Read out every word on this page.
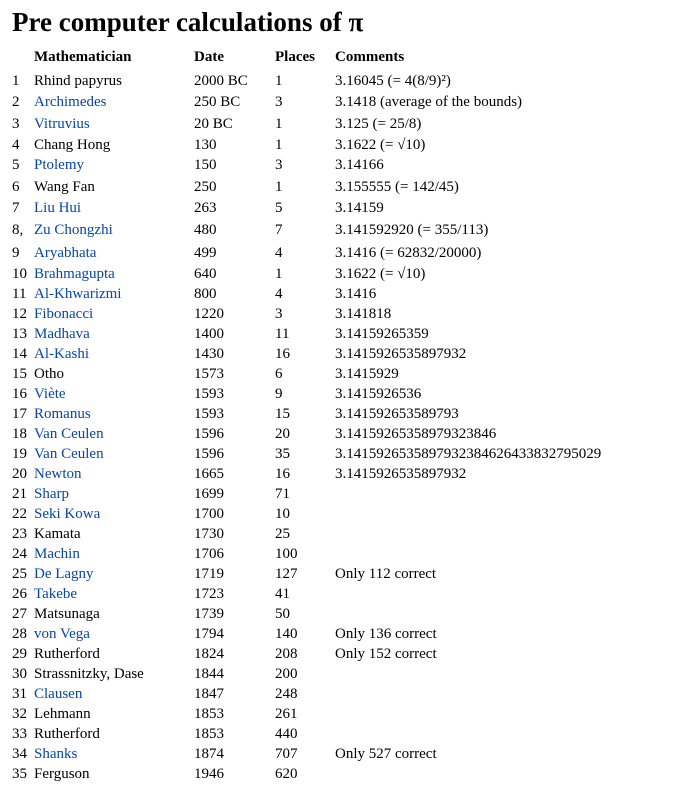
Pre computer calculations of π
	Mathematician	Date	Places	Comments
1	Rhind papyrus	2000 BC	1	3.16045 (= 4(8/9)²)
2	Archimedes	250 BC	3	3.1418 (average of the bounds)
3	Vitruvius	20 BC	1	3.125 (= 25/8)
4	Chang Hong	130	1	3.1622 (= √10)
5	Ptolemy	150	3	3.14166
6	Wang Fan	250	1	3.155555 (= 142/45)
7	Liu Hui	263	5	3.14159
8,	Zu Chongzhi	480	7	3.141592920 (= 355/113)
9	Aryabhata	499	4	3.1416 (= 62832/20000)
10	Brahmagupta	640	1	3.1622 (= √10)
11	Al-Khwarizmi	800	4	3.1416
12	Fibonacci	1220	3	3.141818
13	Madhava	1400	11	3.14159265359
14	Al-Kashi	1430	16	3.1415926535897932
15	Otho	1573	6	3.1415929
16	Viète	1593	9	3.1415926536
17	Romanus	1593	15	3.141592653589793
18	Van Ceulen	1596	20	3.14159265358979323846
19	Van Ceulen	1596	35	3.14159265358979323846264338327950​29
20	Newton	1665	16	3.1415926535897932
21	Sharp	1699	71	
22	Seki Kowa	1700	10	
23	Kamata	1730	25	
24	Machin	1706	100	
25	De Lagny	1719	127	Only 112 correct
26	Takebe	1723	41	
27	Matsunaga	1739	50	
28	von Vega	1794	140	Only 136 correct
29	Rutherford	1824	208	Only 152 correct
30	Strassnitzky, Dase	1844	200	
31	Clausen	1847	248	
32	Lehmann	1853	261	
33	Rutherford	1853	440	
34	Shanks	1874	707	Only 527 correct
35	Ferguson	1946	620	
